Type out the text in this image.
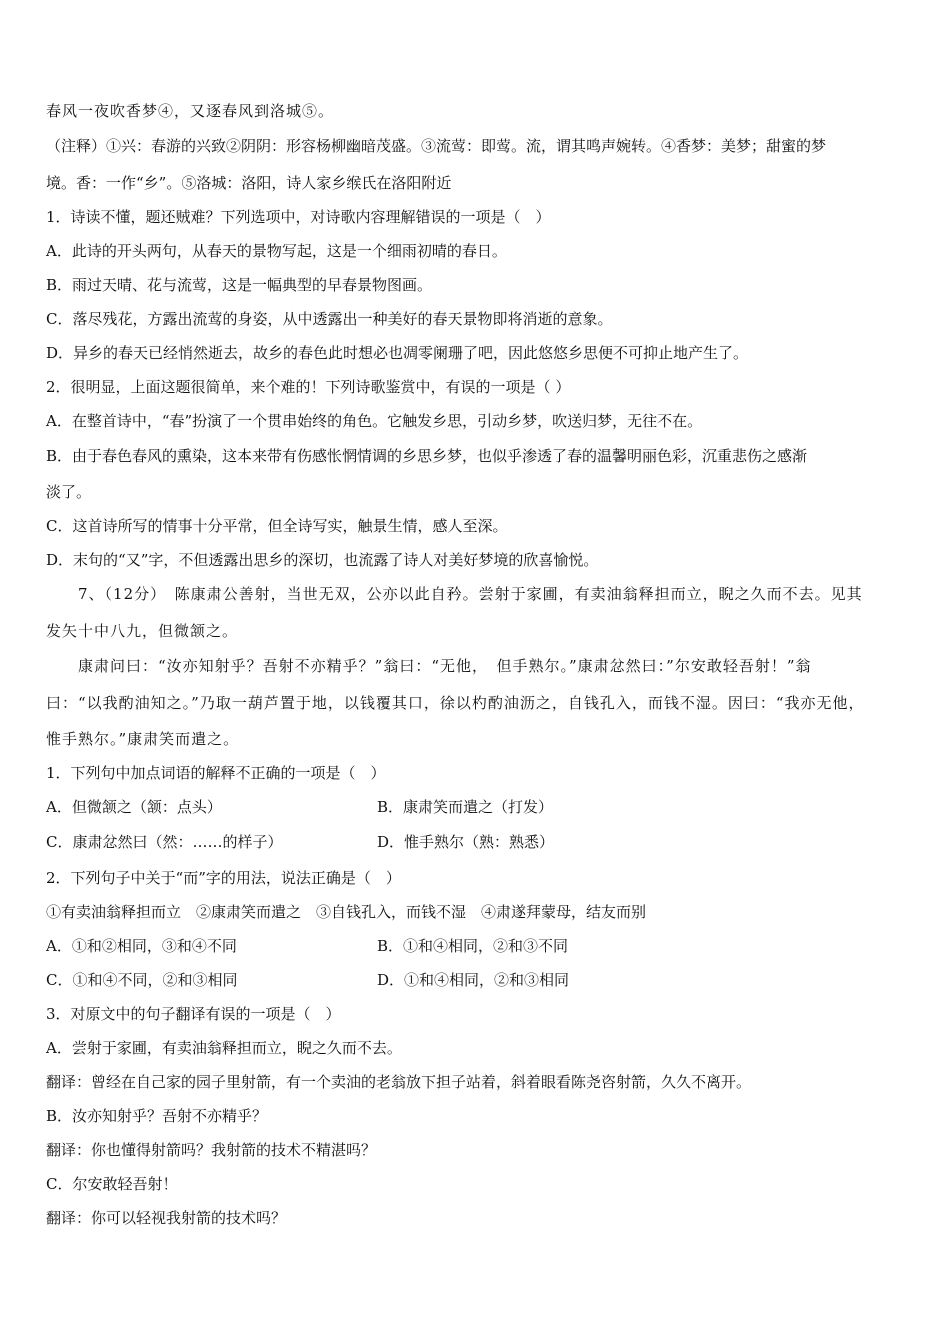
春风一夜吹香梦④，又逐春风到洛城⑤。
（注释）①兴：春游的兴致②阴阴：形容杨柳幽暗茂盛。③流莺：即莺。流，谓其鸣声婉转。④香梦：美梦；甜蜜的梦
境。香：一作“乡”。⑤洛城：洛阳，诗人家乡缑氏在洛阳附近
1．诗读不懂，题还贼难？下列选项中，对诗歌内容理解错误的一项是（　）
A．此诗的开头两句，从春天的景物写起，这是一个细雨初晴的春日。
B．雨过天晴、花与流莺，这是一幅典型的早春景物图画。
C．落尽残花，方露出流莺的身姿，从中透露出一种美好的春天景物即将消逝的意象。
D．异乡的春天已经悄然逝去，故乡的春色此时想必也凋零阑珊了吧，因此悠悠乡思便不可抑止地产生了。
2．很明显，上面这题很简单，来个难的！下列诗歌鉴赏中，有误的一项是（ ）
A．在整首诗中，“春”扮演了一个贯串始终的角色。它触发乡思，引动乡梦，吹送归梦，无往不在。
B．由于春色春风的熏染，这本来带有伤感怅惘情调的乡思乡梦，也似乎渗透了春的温馨明丽色彩，沉重悲伤之感渐
淡了。
C．这首诗所写的情事十分平常，但全诗写实，触景生情，感人至深。
D．末句的“又”字，不但透露出思乡的深切，也流露了诗人对美好梦境的欣喜愉悦。
7、（12分）　陈康肃公善射，当世无双，公亦以此自矜。尝射于家圃，有卖油翁释担而立，睨之久而不去。见其
发矢十中八九，但微颔之。
康肃问曰：“汝亦知射乎？吾射不亦精乎？”翁曰：“无他，　但手熟尔。”康肃忿然曰：”尔安敢轻吾射！”翁
曰：“以我酌油知之。”乃取一葫芦置于地，以钱覆其口，徐以杓酌油沥之，自钱孔入，而钱不湿。因曰：“我亦无他，
惟手熟尔。”康肃笑而遣之。
1．下列句中加点词语的解释不正确的一项是（　）
A．但微颔之（颔：点头）	B．康肃笑而遣之（打发）
C．康肃忿然曰（然：……的样子）	D．惟手熟尔（熟：熟悉）
2．下列句子中关于“而”字的用法，说法正确是（　）
①有卖油翁释担而立　②康肃笑而遣之　③自钱孔入，而钱不湿　④肃遂拜蒙母，结友而别
A．①和②相同，③和④不同	B．①和④相同，②和③不同
C．①和④不同，②和③相同	D．①和④相同，②和③相同
3．对原文中的句子翻译有误的一项是（　）
A．尝射于家圃，有卖油翁释担而立，睨之久而不去。
翻译：曾经在自己家的园子里射箭，有一个卖油的老翁放下担子站着，斜着眼看陈尧咨射箭，久久不离开。
B．汝亦知射乎？吾射不亦精乎？
翻译：你也懂得射箭吗？我射箭的技术不精湛吗？
C．尔安敢轻吾射！
翻译：你可以轻视我射箭的技术吗？
